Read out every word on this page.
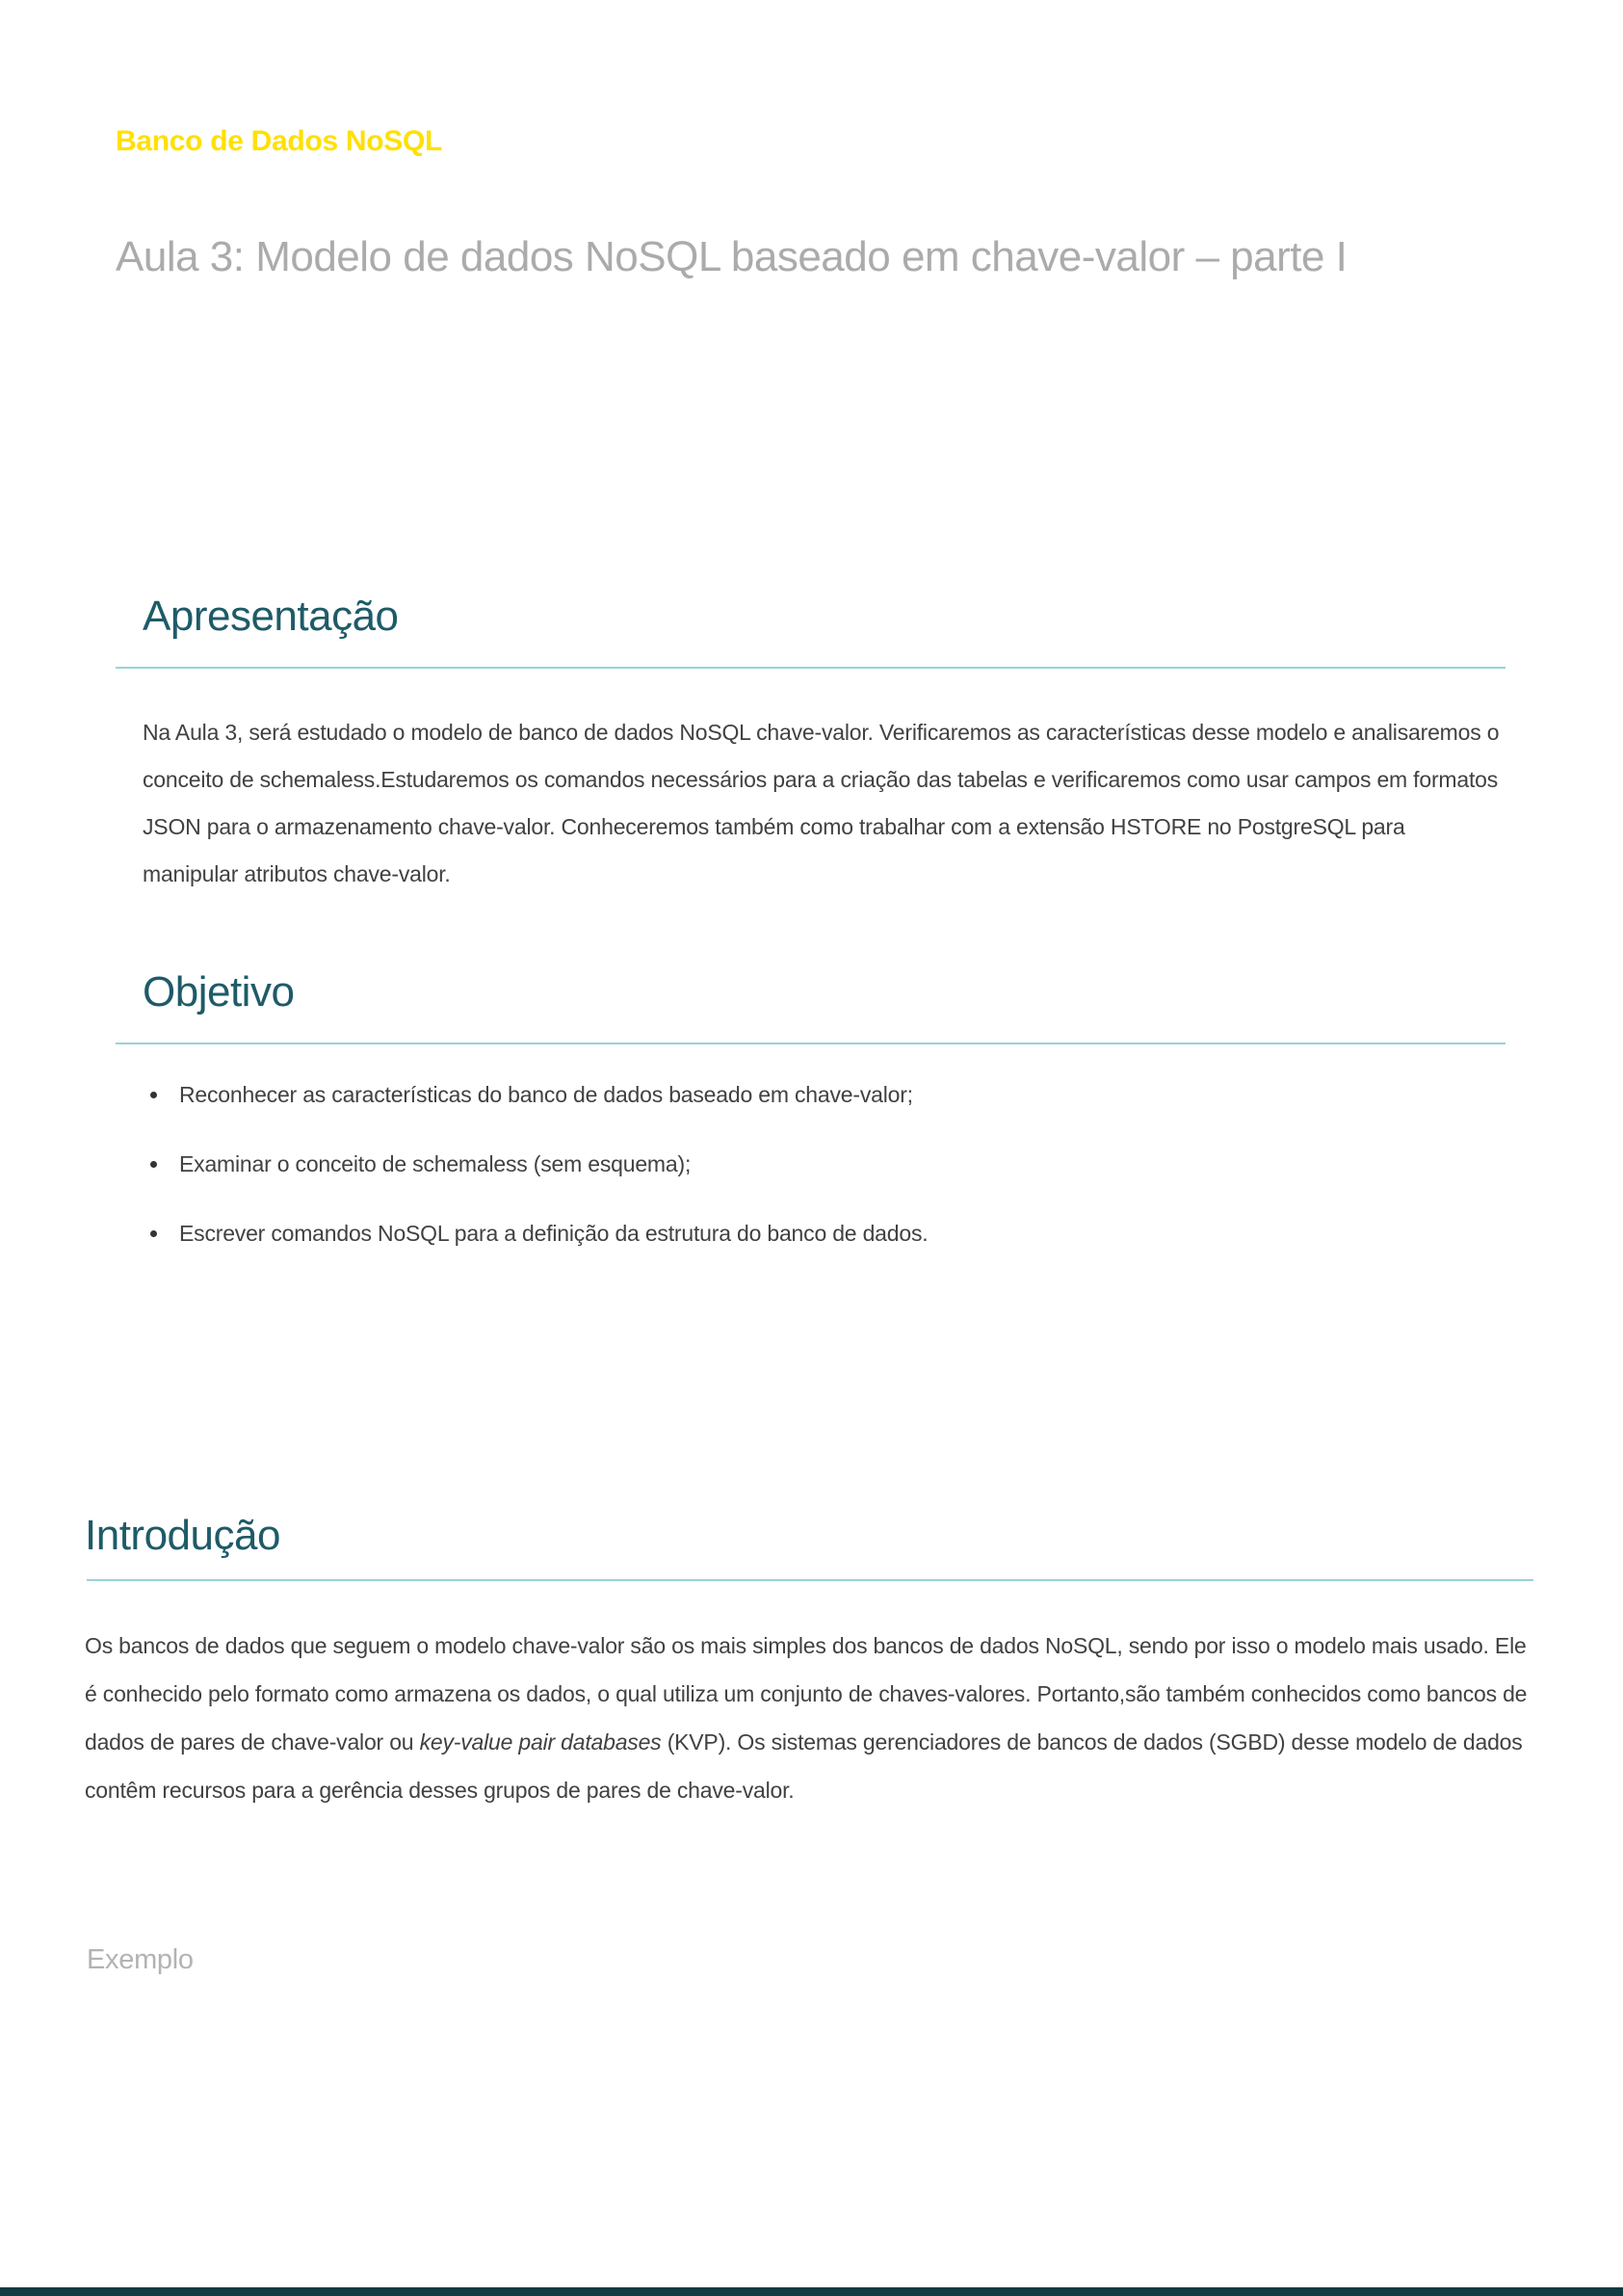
Banco de Dados NoSQL
Aula 3: Modelo de dados NoSQL baseado em chave-valor – parte I
Apresentação

Na Aula 3, será estudado o modelo de banco de dados NoSQL chave-valor. Verificaremos as características desse modelo e analisaremos o conceito de schemaless.Estudaremos os comandos necessários para a criação das tabelas e verificaremos como usar campos em formatos JSON para o armazenamento chave-valor. Conheceremos também como trabalhar com a extensão HSTORE no PostgreSQL para manipular atributos chave-valor.

Objetivo
Reconhecer as características do banco de dados baseado em chave-valor;
Examinar o conceito de schemaless (sem esquema);
Escrever comandos NoSQL para a definição da estrutura do banco de dados.
Introdução

Os bancos de dados que seguem o modelo chave-valor são os mais simples dos bancos de dados NoSQL, sendo por isso o modelo mais usado. Ele é conhecido pelo formato como armazena os dados, o qual utiliza um conjunto de chaves-valores. Portanto,são também conhecidos como bancos de dados de pares de chave-valor ou key-value pair databases (KVP). Os sistemas gerenciadores de bancos de dados (SGBD) desse modelo de dados contêm recursos para a gerência desses grupos de pares de chave-valor.

Exemplo
